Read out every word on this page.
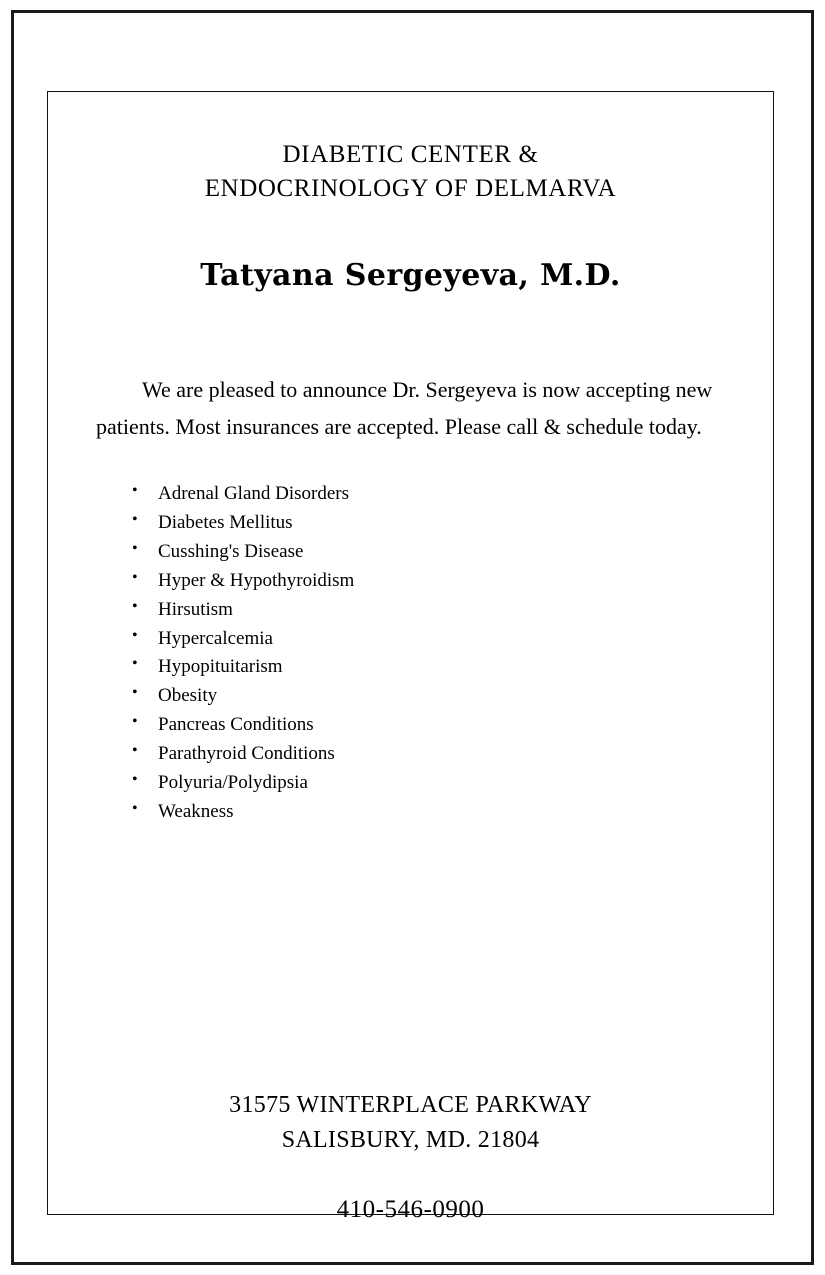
DIABETIC CENTER &
ENDOCRINOLOGY OF DELMARVA
Tatyana Sergeyeva, M.D.

We are pleased to announce Dr. Sergeyeva is now accepting new patients. Most insurances are accepted. Please call & schedule today.

• Adrenal Gland Disorders
• Diabetes Mellitus
• Cusshing's Disease
• Hyper & Hypothyroidism
• Hirsutism
• Hypercalcemia
• Hypopituitarism
• Obesity
• Pancreas Conditions
• Parathyroid Conditions
• Polyuria/Polydipsia
• Weakness
31575 WINTERPLACE PARKWAY
SALISBURY, MD. 21804
410-546-0900
